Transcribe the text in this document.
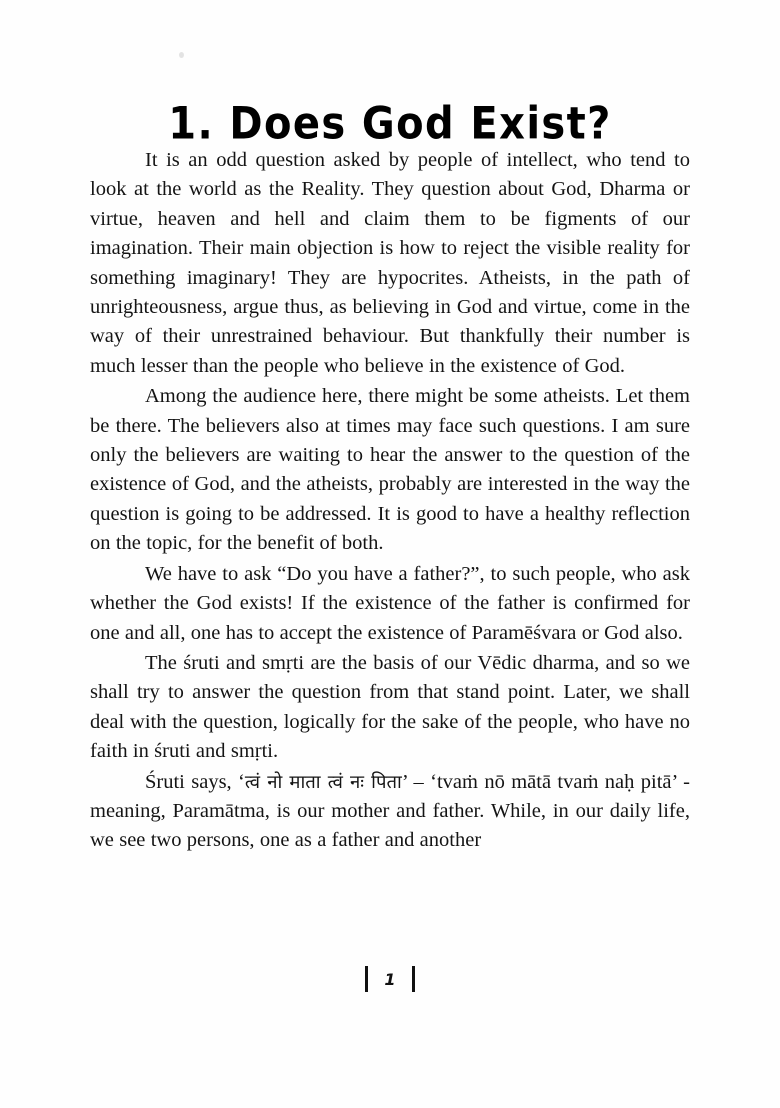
1. Does God Exist?

It is an odd question asked by people of intellect, who tend to look at the world as the Reality. They question about God, Dharma or virtue, heaven and hell and claim them to be figments of our imagination. Their main objection is how to reject the visible reality for something imaginary! They are hypocrites. Atheists, in the path of unrighteousness, argue thus, as believing in God and virtue, come in the way of their unrestrained behaviour. But thankfully their number is much lesser than the people who believe in the existence of God.

Among the audience here, there might be some atheists. Let them be there. The believers also at times may face such questions. I am sure only the believers are waiting to hear the answer to the question of the existence of God, and the atheists, probably are interested in the way the question is going to be addressed. It is good to have a healthy reflection on the topic, for the benefit of both.

We have to ask “Do you have a father?”, to such people, who ask whether the God exists! If the existence of the father is confirmed for one and all, one has to accept the existence of Paramēśvara or God also.

The śruti and smṛti are the basis of our Vēdic dharma, and so we shall try to answer the question from that stand point. Later, we shall deal with the question, logically for the sake of the people, who have no faith in śruti and smṛti.

Śruti says, ‘त्वं नो माता त्वं नः पिता’ – ‘tvaṁ nō mātā tvaṁ naḥ pitā’ -meaning, Paramātma, is our mother and father. While, in our daily life, we see two persons, one as a father and another

1
